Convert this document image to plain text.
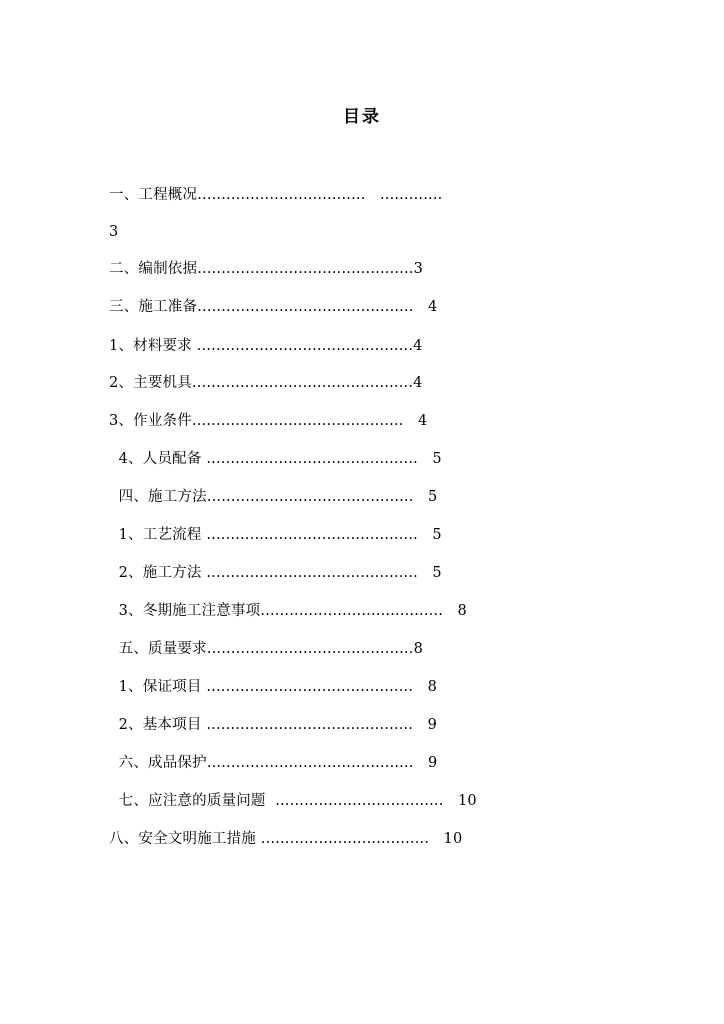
目录
一、工程概况...................................   .............
3
二、编制依据.............................................3
三、施工准备.............................................   4
1、材料要求 .............................................4
2、主要机具..............................................4
3、作业条件............................................   4
4、人员配备 ............................................   5
四、施工方法...........................................   5
1、工艺流程 ............................................   5
2、施工方法 ............................................   5
3、冬期施工注意事项......................................   8
五、质量要求...........................................8
1、保证项目 ...........................................   8
2、基本项目 ...........................................   9
六、成品保护...........................................   9
七、应注意的质量问题  ...................................   10
八、安全文明施工措施 ...................................   10
